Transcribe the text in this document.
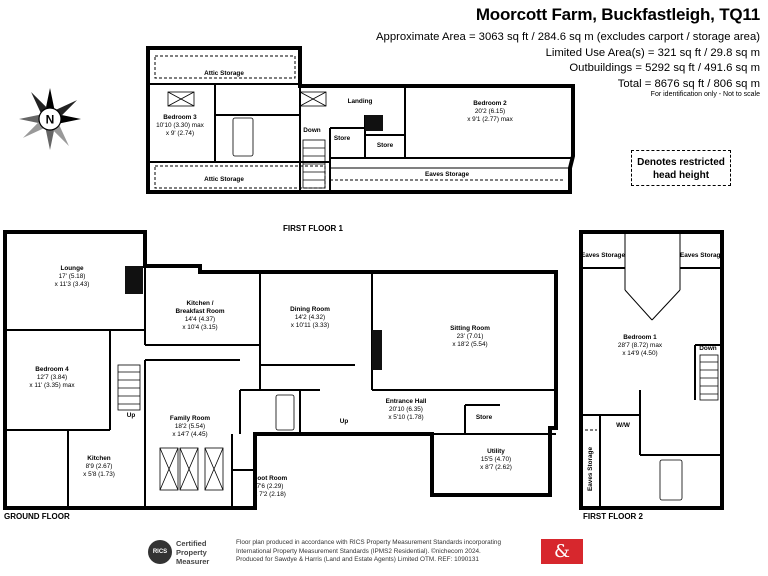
Moorcott Farm, Buckfastleigh, TQ11
Approximate Area = 3063 sq ft / 284.6 sq m (excludes carport / storage area)
Limited Use Area(s) = 321 sq ft / 29.8 sq m
Outbuildings = 5292 sq ft / 491.6 sq m
Total = 8676 sq ft / 806 sq m
For identification only - Not to scale
Denotes restricted
head height
N
FIRST FLOOR 1
GROUND FLOOR	FIRST FLOOR 2
Attic Storage
Attic Storage
Bedroom 3
10'10 (3.30) max
x 9' (2.74)
Landing
Down
Store
Store
Bedroom 2
20'2 (6.15)
x 9'1 (2.77) max
Eaves Storage
Lounge
17' (5.18)
x 11'3 (3.43)
Kitchen /
Breakfast Room
14'4 (4.37)
x 10'4 (3.15)
Dining Room
14'2 (4.32)
x 10'11 (3.33)	Sitting Room
23' (7.01)
x 18'2 (5.54)
Bedroom 4
12'7 (3.84)
x 11' (3.35) max
Family Room
18'2 (5.54)
x 14'7 (4.45)
Entrance Hall
20'10 (6.35)
x 5'10 (1.78)	Store
Utility
15'5 (4.70)
x 8'7 (2.62)
Kitchen
8'9 (2.67)
x 5'8 (1.73)
Boot Room
7'6 (2.29)
x 7'2 (2.18)
Up
Up
Eaves Storage	Eaves Storage
Bedroom 1
28'7 (8.72) max
x 14'9 (4.50)
Down
W/W
Eaves Storage
RICS
Certified
Property
Measurer
Floor plan produced in accordance with RICS Property Measurement Standards incorporating
International Property Measurement Standards (IPMS2 Residential). ©nichecom 2024.
Produced for Sawdye & Harris (Land and Estate Agents) Limited OTM. REF: 1090131	&
